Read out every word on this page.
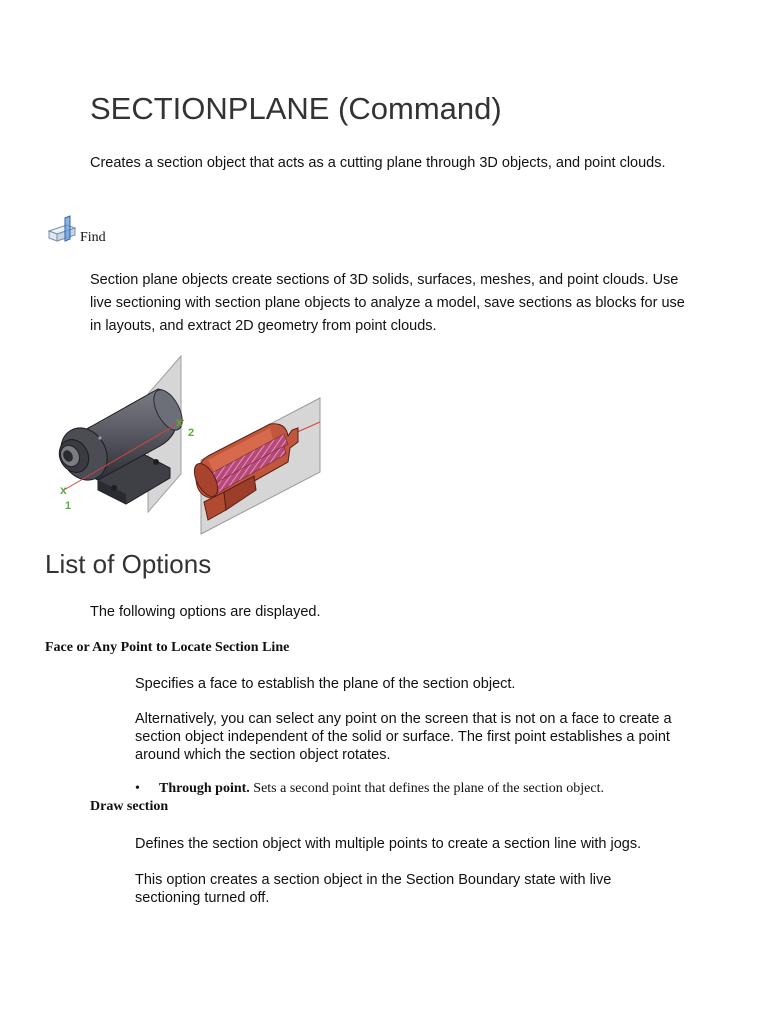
SECTIONPLANE (Command)

Creates a section object that acts as a cutting plane through 3D objects, and point clouds.

Find

Section plane objects create sections of 3D solids, surfaces, meshes, and point clouds. Use live sectioning with section plane objects to analyze a model, save sections as blocks for use in layouts, and extract 2D geometry from point clouds.

x
1
x
2
List of Options

The following options are displayed.

Face or Any Point to Locate Section Line

Specifies a face to establish the plane of the section object.

Alternatively, you can select any point on the screen that is not on a face to create a section object independent of the solid or surface. The first point establishes a point around which the section object rotates.

• Through point. Sets a second point that defines the plane of the section object.
Draw section

Defines the section object with multiple points to create a section line with jogs.

This option creates a section object in the Section Boundary state with live sectioning turned off.
